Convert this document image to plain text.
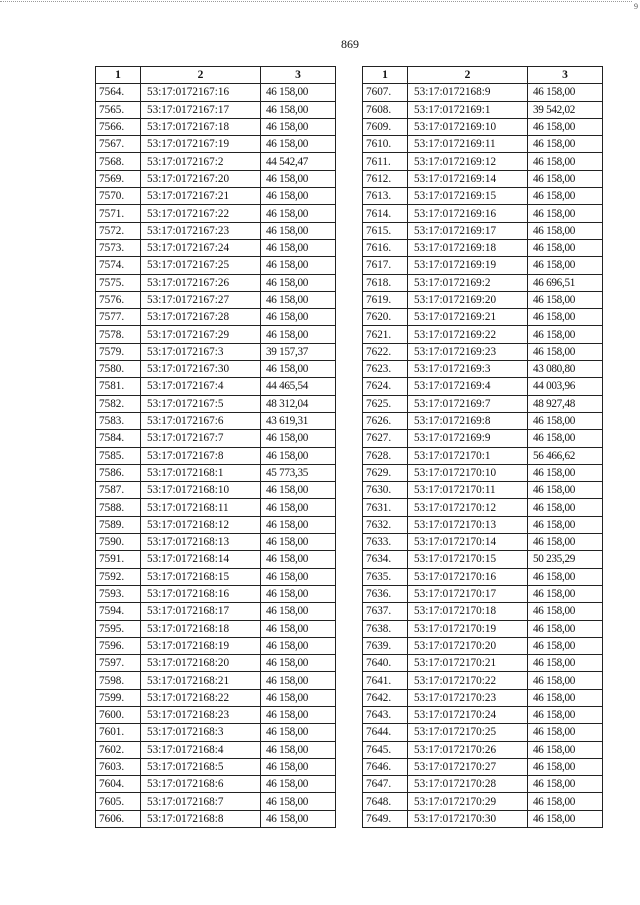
9
869
1	2	3
7564.	53:17:0172167:16	46 158,00
7565.	53:17:0172167:17	46 158,00
7566.	53:17:0172167:18	46 158,00
7567.	53:17:0172167:19	46 158,00
7568.	53:17:0172167:2	44 542,47
7569.	53:17:0172167:20	46 158,00
7570.	53:17:0172167:21	46 158,00
7571.	53:17:0172167:22	46 158,00
7572.	53:17:0172167:23	46 158,00
7573.	53:17:0172167:24	46 158,00
7574.	53:17:0172167:25	46 158,00
7575.	53:17:0172167:26	46 158,00
7576.	53:17:0172167:27	46 158,00
7577.	53:17:0172167:28	46 158,00
7578.	53:17:0172167:29	46 158,00
7579.	53:17:0172167:3	39 157,37
7580.	53:17:0172167:30	46 158,00
7581.	53:17:0172167:4	44 465,54
7582.	53:17:0172167:5	48 312,04
7583.	53:17:0172167:6	43 619,31
7584.	53:17:0172167:7	46 158,00
7585.	53:17:0172167:8	46 158,00
7586.	53:17:0172168:1	45 773,35
7587.	53:17:0172168:10	46 158,00
7588.	53:17:0172168:11	46 158,00
7589.	53:17:0172168:12	46 158,00
7590.	53:17:0172168:13	46 158,00
7591.	53:17:0172168:14	46 158,00
7592.	53:17:0172168:15	46 158,00
7593.	53:17:0172168:16	46 158,00
7594.	53:17:0172168:17	46 158,00
7595.	53:17:0172168:18	46 158,00
7596.	53:17:0172168:19	46 158,00
7597.	53:17:0172168:20	46 158,00
7598.	53:17:0172168:21	46 158,00
7599.	53:17:0172168:22	46 158,00
7600.	53:17:0172168:23	46 158,00
7601.	53:17:0172168:3	46 158,00
7602.	53:17:0172168:4	46 158,00
7603.	53:17:0172168:5	46 158,00
7604.	53:17:0172168:6	46 158,00
7605.	53:17:0172168:7	46 158,00
7606.	53:17:0172168:8	46 158,00
1	2	3
7607.	53:17:0172168:9	46 158,00
7608.	53:17:0172169:1	39 542,02
7609.	53:17:0172169:10	46 158,00
7610.	53:17:0172169:11	46 158,00
7611.	53:17:0172169:12	46 158,00
7612.	53:17:0172169:14	46 158,00
7613.	53:17:0172169:15	46 158,00
7614.	53:17:0172169:16	46 158,00
7615.	53:17:0172169:17	46 158,00
7616.	53:17:0172169:18	46 158,00
7617.	53:17:0172169:19	46 158,00
7618.	53:17:0172169:2	46 696,51
7619.	53:17:0172169:20	46 158,00
7620.	53:17:0172169:21	46 158,00
7621.	53:17:0172169:22	46 158,00
7622.	53:17:0172169:23	46 158,00
7623.	53:17:0172169:3	43 080,80
7624.	53:17:0172169:4	44 003,96
7625.	53:17:0172169:7	48 927,48
7626.	53:17:0172169:8	46 158,00
7627.	53:17:0172169:9	46 158,00
7628.	53:17:0172170:1	56 466,62
7629.	53:17:0172170:10	46 158,00
7630.	53:17:0172170:11	46 158,00
7631.	53:17:0172170:12	46 158,00
7632.	53:17:0172170:13	46 158,00
7633.	53:17:0172170:14	46 158,00
7634.	53:17:0172170:15	50 235,29
7635.	53:17:0172170:16	46 158,00
7636.	53:17:0172170:17	46 158,00
7637.	53:17:0172170:18	46 158,00
7638.	53:17:0172170:19	46 158,00
7639.	53:17:0172170:20	46 158,00
7640.	53:17:0172170:21	46 158,00
7641.	53:17:0172170:22	46 158,00
7642.	53:17:0172170:23	46 158,00
7643.	53:17:0172170:24	46 158,00
7644.	53:17:0172170:25	46 158,00
7645.	53:17:0172170:26	46 158,00
7646.	53:17:0172170:27	46 158,00
7647.	53:17:0172170:28	46 158,00
7648.	53:17:0172170:29	46 158,00
7649.	53:17:0172170:30	46 158,00
